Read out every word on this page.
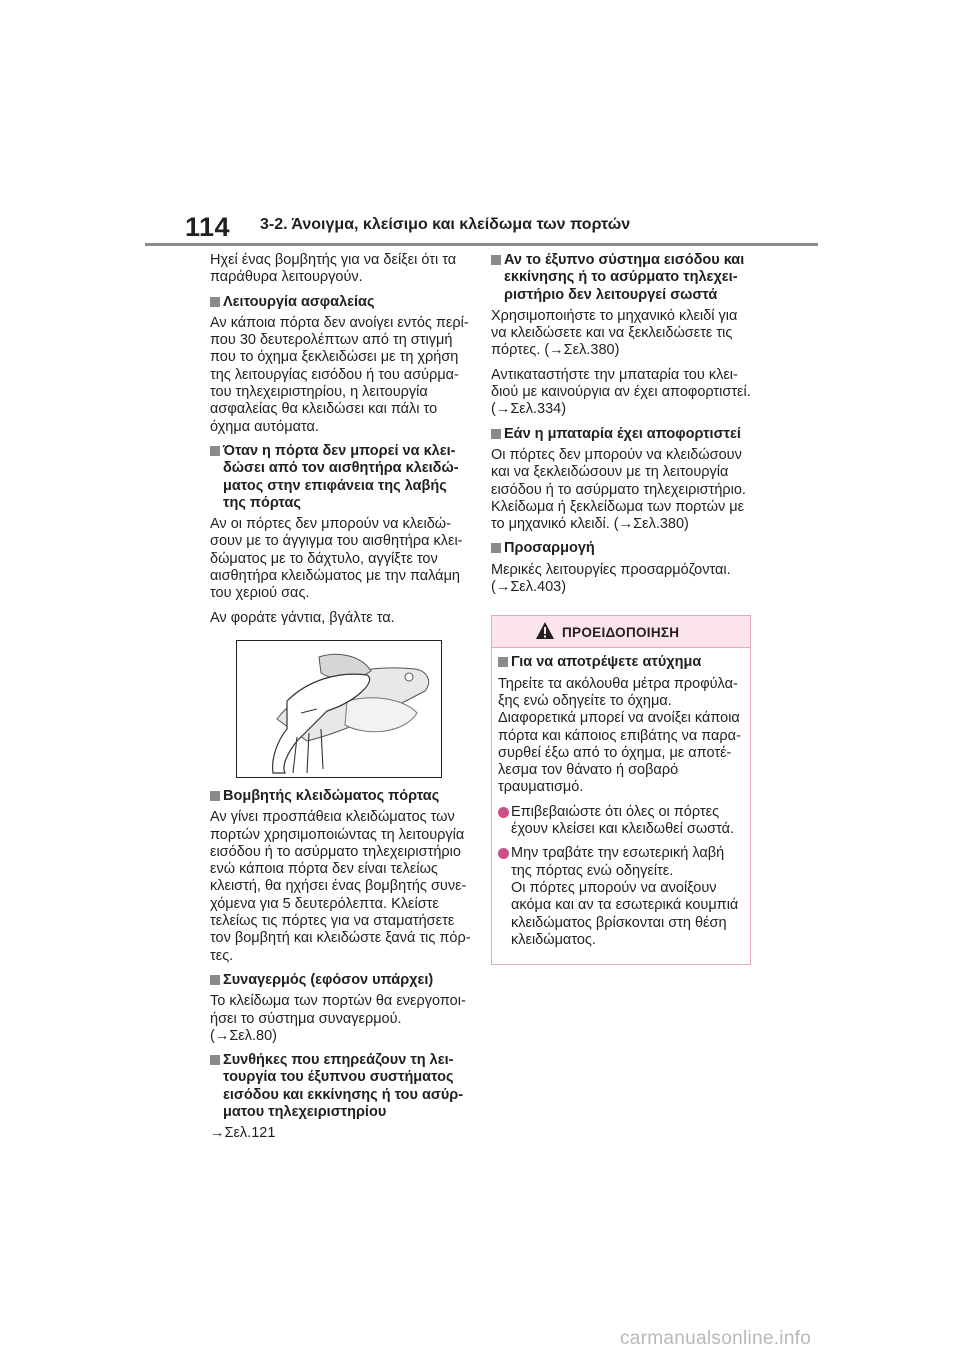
114 3-2. Άνοιγμα, κλείσιμο και κλείδωμα των πορτών

Ηχεί ένας βομβητής για να δείξει ότι τα
παράθυρα λειτουργούν.

Λειτουργία ασφαλείας

Αν κάποια πόρτα δεν ανοίγει εντός περί-
που 30 δευτερολέπτων από τη στιγμή
που το όχημα ξεκλειδώσει με τη χρήση
της λειτουργίας εισόδου ή του ασύρμα-
του τηλεχειριστηρίου, η λειτουργία
ασφαλείας θα κλειδώσει και πάλι το
όχημα αυτόματα.

Όταν η πόρτα δεν μπορεί να κλει-
δώσει από τον αισθητήρα κλειδώ-
ματος στην επιφάνεια της λαβής
της πόρτας

Αν οι πόρτες δεν μπορούν να κλειδώ-
σουν με το άγγιγμα του αισθητήρα κλει-
δώματος με το δάχτυλο, αγγίξτε τον
αισθητήρα κλειδώματος με την παλάμη
του χεριού σας.

Αν φοράτε γάντια, βγάλτε τα.

Βομβητής κλειδώματος πόρτας

Αν γίνει προσπάθεια κλειδώματος των
πορτών χρησιμοποιώντας τη λειτουργία
εισόδου ή το ασύρματο τηλεχειριστήριο
ενώ κάποια πόρτα δεν είναι τελείως
κλειστή, θα ηχήσει ένας βομβητής συνε-
χόμενα για 5 δευτερόλεπτα. Κλείστε
τελείως τις πόρτες για να σταματήσετε
τον βομβητή και κλειδώστε ξανά τις πόρ-
τες.

Συναγερμός (εφόσον υπάρχει)

Το κλείδωμα των πορτών θα ενεργοποι-
ήσει το σύστημα συναγερμού.
(→Σελ.80)

Συνθήκες που επηρεάζουν τη λει-
τουργία του έξυπνου συστήματος
εισόδου και εκκίνησης ή του ασύρ-
ματου τηλεχειριστηρίου

→Σελ.121

Αν το έξυπνο σύστημα εισόδου και
εκκίνησης ή το ασύρματο τηλεχει-
ριστήριο δεν λειτουργεί σωστά

Χρησιμοποιήστε το μηχανικό κλειδί για
να κλειδώσετε και να ξεκλειδώσετε τις
πόρτες. (→Σελ.380)

Αντικαταστήστε την μπαταρία του κλει-
διού με καινούργια αν έχει αποφορτιστεί.
(→Σελ.334)

Εάν η μπαταρία έχει αποφορτιστεί

Οι πόρτες δεν μπορούν να κλειδώσουν
και να ξεκλειδώσουν με τη λειτουργία
εισόδου ή το ασύρματο τηλεχειριστήριο.
Κλείδωμα ή ξεκλείδωμα των πορτών με
το μηχανικό κλειδί. (→Σελ.380)

Προσαρμογή

Μερικές λειτουργίες προσαρμόζονται.
(→Σελ.403)

ΠΡΟΕΙΔΟΠΟΙΗΣΗ
Για να αποτρέψετε ατύχημα

Τηρείτε τα ακόλουθα μέτρα προφύλα-
ξης ενώ οδηγείτε το όχημα.
Διαφορετικά μπορεί να ανοίξει κάποια
πόρτα και κάποιος επιβάτης να παρα-
συρθεί έξω από το όχημα, με αποτέ-
λεσμα τον θάνατο ή σοβαρό
τραυματισμό.

Επιβεβαιώστε ότι όλες οι πόρτες
έχουν κλείσει και κλειδωθεί σωστά.
Μην τραβάτε την εσωτερική λαβή
της πόρτας ενώ οδηγείτε.
Οι πόρτες μπορούν να ανοίξουν
ακόμα και αν τα εσωτερικά κουμπιά
κλειδώματος βρίσκονται στη θέση
κλειδώματος.
carmanualsonline.info
